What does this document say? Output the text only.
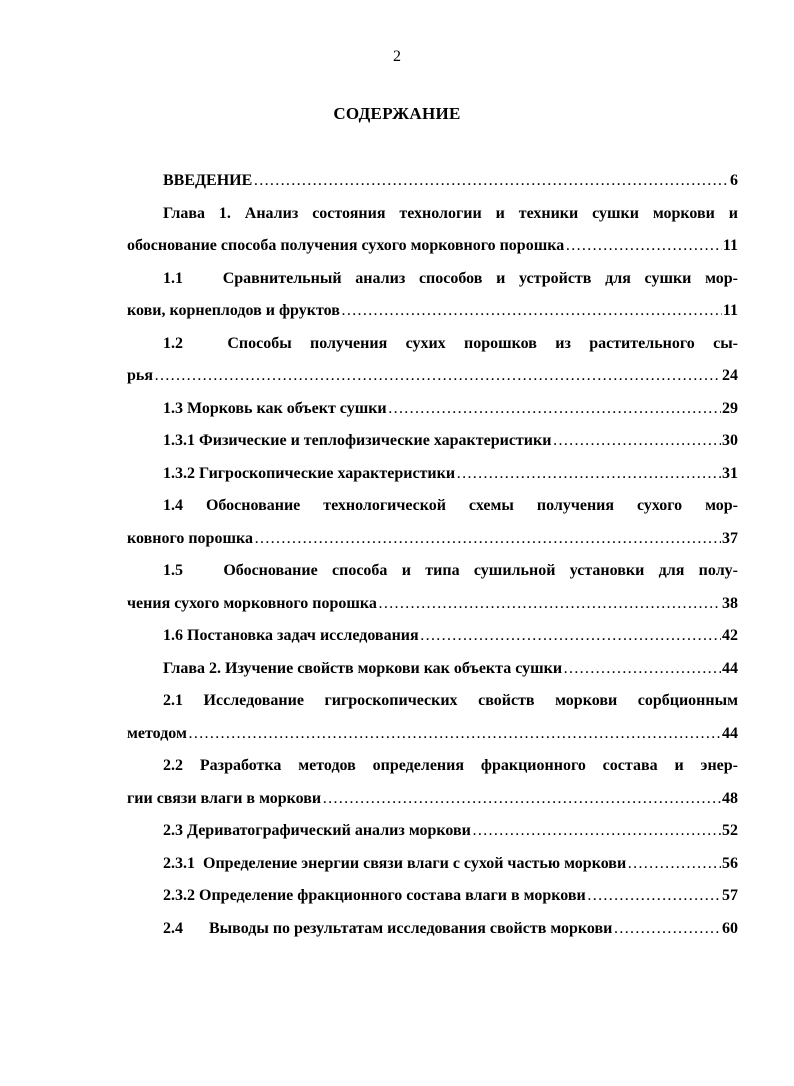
2
СОДЕРЖАНИЕ
ВВЕДЕНИЕ …………………………………………………………………………………………………………………………………………………………………………………………	6
Глава 1. Анализ состояния технологии и техники сушки моркови и
обоснование способа получения сухого морковного порошка …………………………………………………………………………………………………………………………………………………………………………………………	11
1.1 Сравнительный анализ способов и устройств для сушки мор-
кови, корнеплодов и фруктов …………………………………………………………………………………………………………………………………………………………………………………………	11
1.2	Способы получения сухих порошков из растительного сы-
рья …………………………………………………………………………………………………………………………………………………………………………………………	24
1.3 Морковь как объект сушки …………………………………………………………………………………………………………………………………………………………………………………………	29
1.3.1 Физические и теплофизические характеристики …………………………………………………………………………………………………………………………………………………………………………………………	30
1.3.2 Гигроскопические характеристики …………………………………………………………………………………………………………………………………………………………………………………………	31
1.4 Обоснование технологической схемы получения сухого мор-
ковного порошка …………………………………………………………………………………………………………………………………………………………………………………………	37
1.5	Обоснование способа и типа сушильной установки для полу-
чения сухого морковного порошка …………………………………………………………………………………………………………………………………………………………………………………………	38
1.6 Постановка задач исследования …………………………………………………………………………………………………………………………………………………………………………………………	42
Глава 2. Изучение свойств моркови как объекта сушки …………………………………………………………………………………………………………………………………………………………………………………………	44
2.1 Исследование гигроскопических свойств моркови сорбционным
методом …………………………………………………………………………………………………………………………………………………………………………………………	44
2.2 Разработка методов определения фракционного состава и энер-
гии связи влаги в моркови …………………………………………………………………………………………………………………………………………………………………………………………	48
2.3 Дериватографический анализ моркови …………………………………………………………………………………………………………………………………………………………………………………………	52
2.3.1 Определение энергии связи влаги с сухой частью моркови …………………………………………………………………………………………………………………………………………………………………………………………	56
2.3.2 Определение фракционного состава влаги в моркови …………………………………………………………………………………………………………………………………………………………………………………………	57
2.4	Выводы по результатам исследования свойств моркови …………………………………………………………………………………………………………………………………………………………………………………………	60
